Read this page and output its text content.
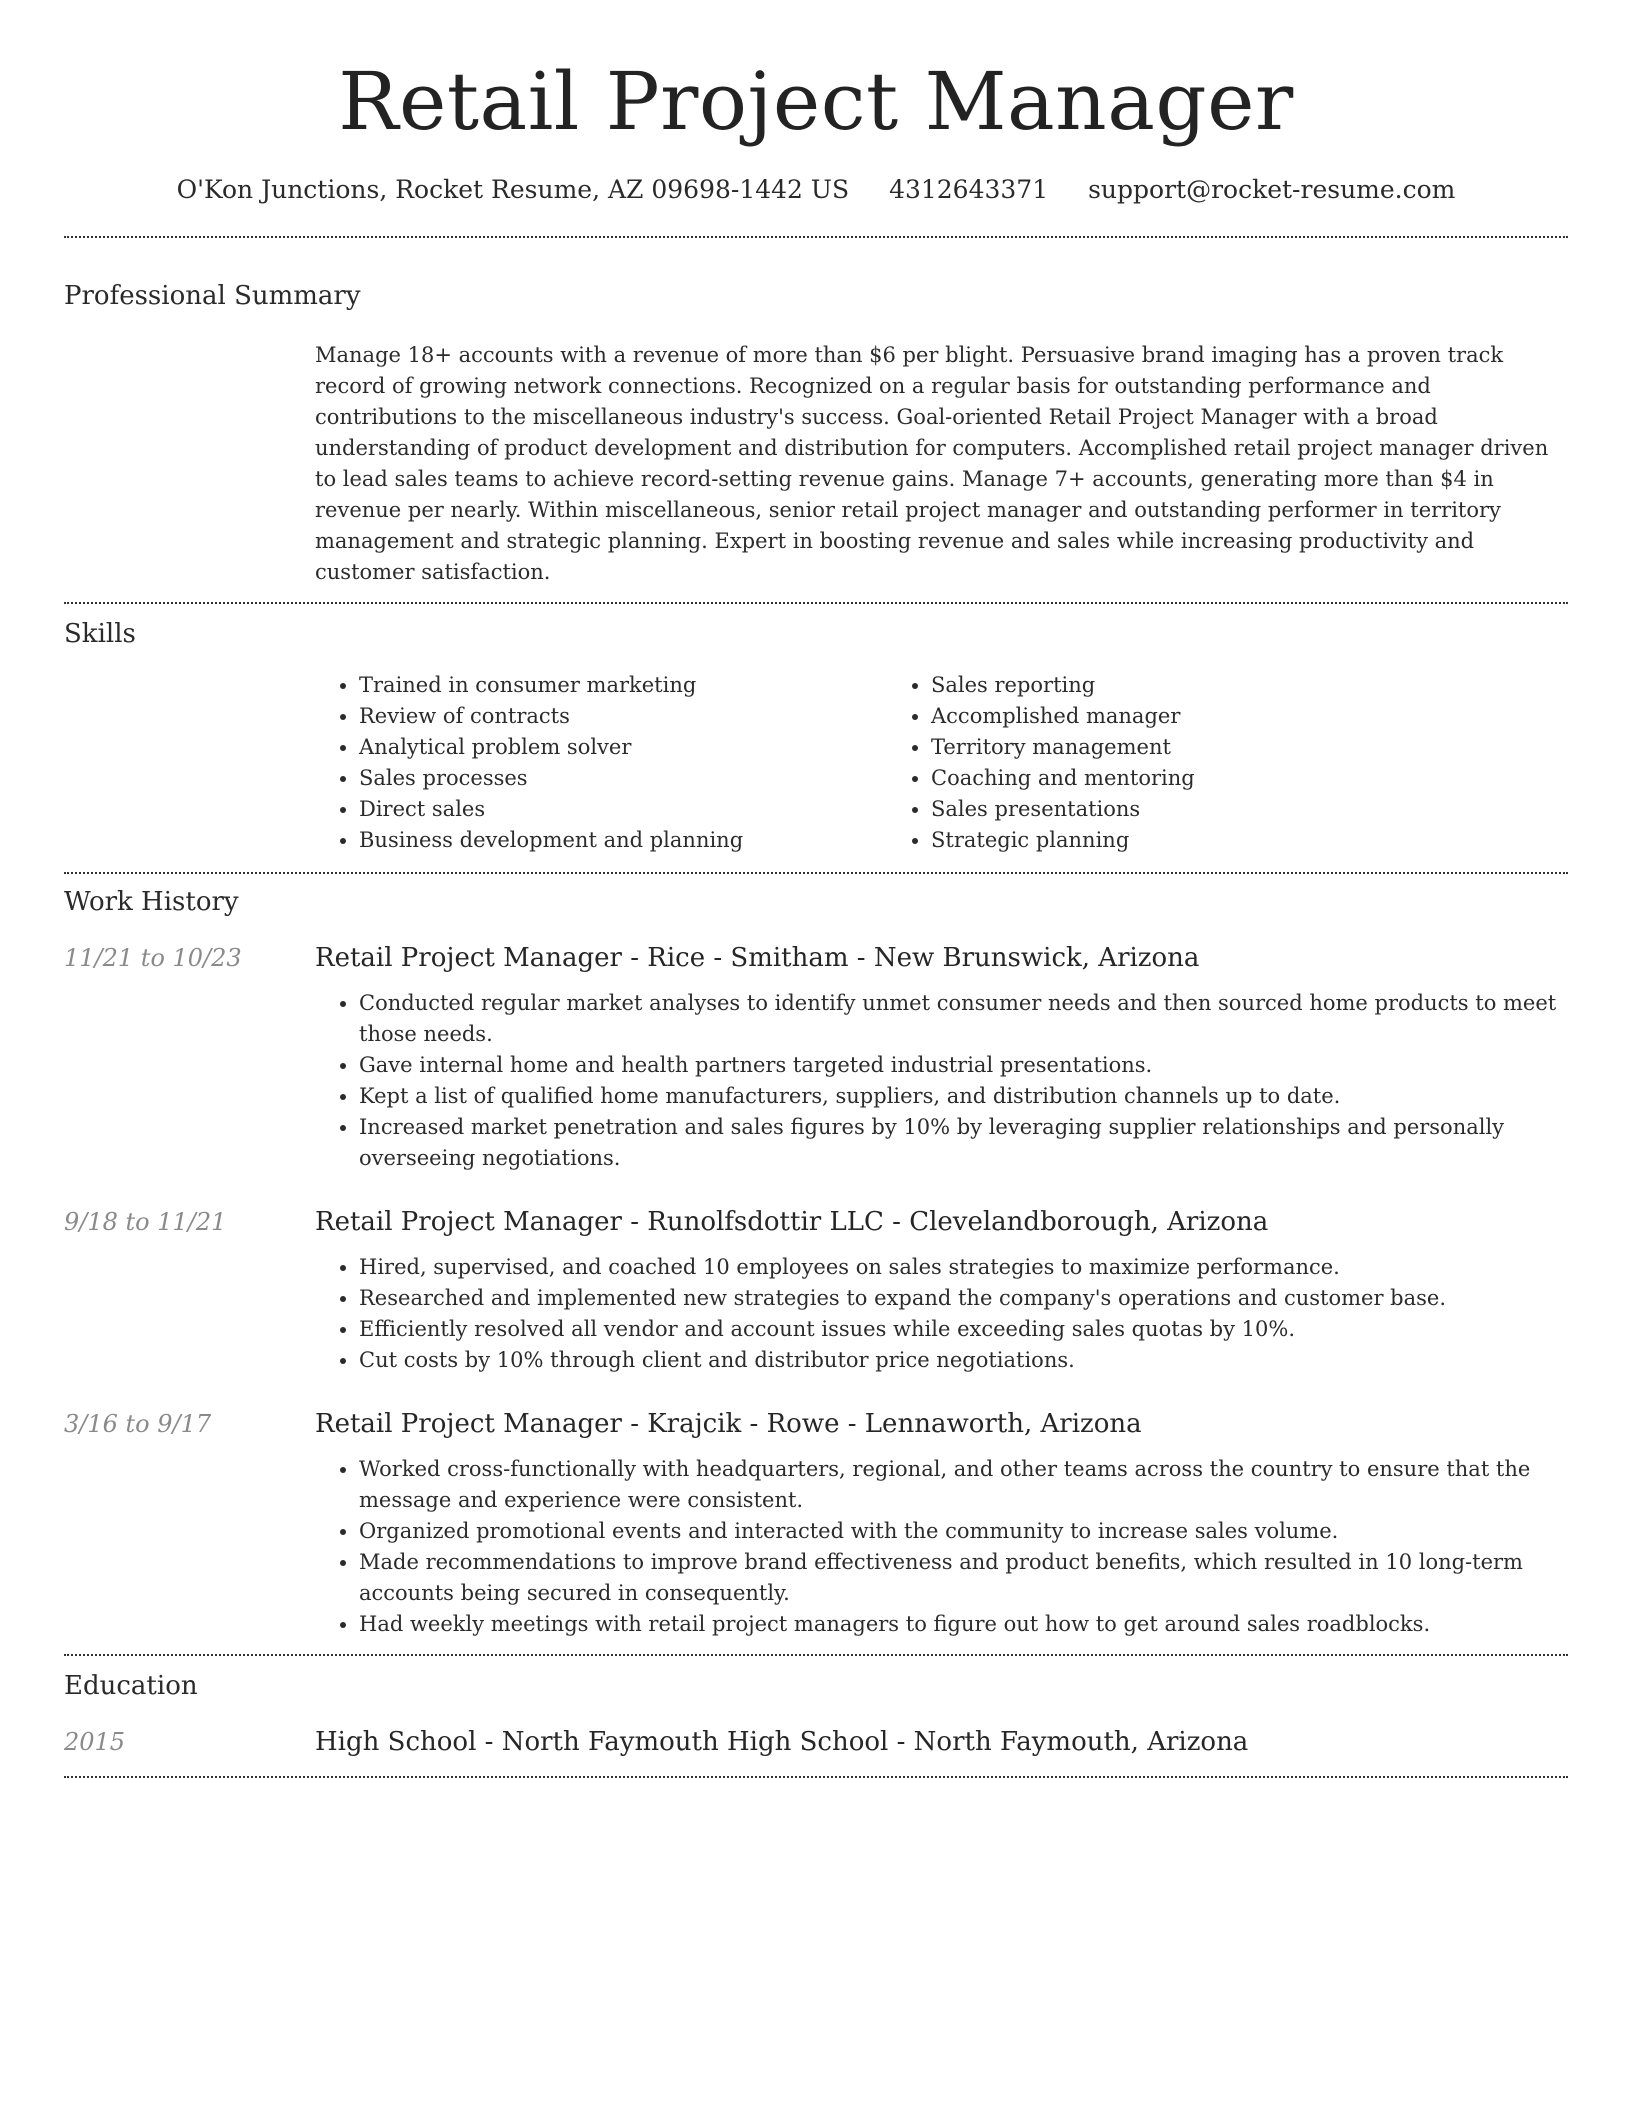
Retail Project Manager
O'Kon Junctions, Rocket Resume, AZ 09698-1442 US 4312643371 support@rocket-resume.com
Professional Summary
Manage 18+ accounts with a revenue of more than $6 per blight. Persuasive brand imaging has a proven track record of growing network connections. Recognized on a regular basis for outstanding performance and contributions to the miscellaneous industry's success. Goal-oriented Retail Project Manager with a broad understanding of product development and distribution for computers. Accomplished retail project manager driven to lead sales teams to achieve record-setting revenue gains. Manage 7+ accounts, generating more than $4 in revenue per nearly. Within miscellaneous, senior retail project manager and outstanding performer in territory management and strategic planning. Expert in boosting revenue and sales while increasing productivity and customer satisfaction.
Skills
• Trained in consumer marketing
• Review of contracts
• Analytical problem solver
• Sales processes
• Direct sales
• Business development and planning
• Sales reporting
• Accomplished manager
• Territory management
• Coaching and mentoring
• Sales presentations
• Strategic planning
Work History
11/21 to 10/23	Retail Project Manager - Rice - Smitham - New Brunswick, Arizona
• Conducted regular market analyses to identify unmet consumer needs and then sourced home products to meet those needs.
• Gave internal home and health partners targeted industrial presentations.
• Kept a list of qualified home manufacturers, suppliers, and distribution channels up to date.
• Increased market penetration and sales figures by 10% by leveraging supplier relationships and personally overseeing negotiations.
9/18 to 11/21	Retail Project Manager - Runolfsdottir LLC - Clevelandborough, Arizona
• Hired, supervised, and coached 10 employees on sales strategies to maximize performance.
• Researched and implemented new strategies to expand the company's operations and customer base.
• Efficiently resolved all vendor and account issues while exceeding sales quotas by 10%.
• Cut costs by 10% through client and distributor price negotiations.
3/16 to 9/17	Retail Project Manager - Krajcik - Rowe - Lennaworth, Arizona
• Worked cross-functionally with headquarters, regional, and other teams across the country to ensure that the message and experience were consistent.
• Organized promotional events and interacted with the community to increase sales volume.
• Made recommendations to improve brand effectiveness and product benefits, which resulted in 10 long-term accounts being secured in consequently.
• Had weekly meetings with retail project managers to figure out how to get around sales roadblocks.
Education
2015	High School - North Faymouth High School - North Faymouth, Arizona
